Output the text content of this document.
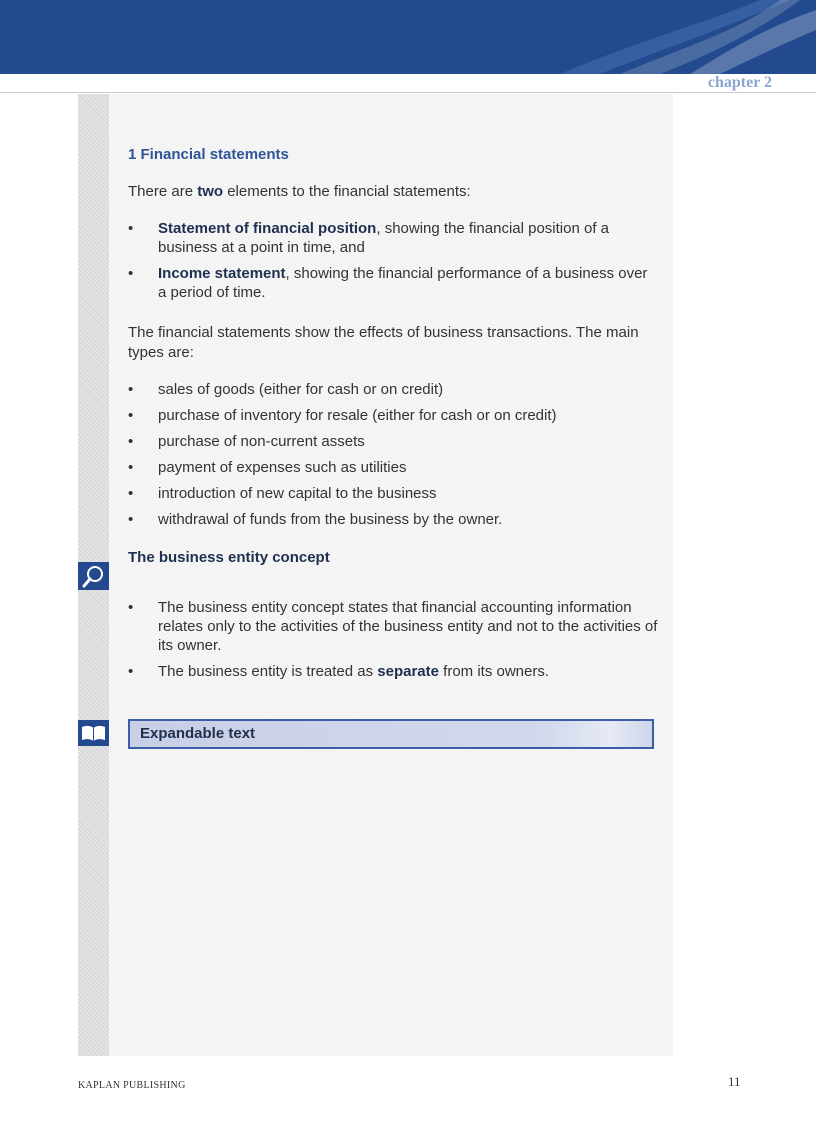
chapter 2
1 Financial statements

There are two elements to the financial statements:

• Statement of financial position, showing the financial position of a business at a point in time, and
• Income statement, showing the financial performance of a business over a period of time.

The financial statements show the effects of business transactions. The main types are:

• sales of goods (either for cash or on credit)
• purchase of inventory for resale (either for cash or on credit)
• purchase of non-current assets
• payment of expenses such as utilities
• introduction of new capital to the business
• withdrawal of funds from the business by the owner.
The business entity concept
• The business entity concept states that financial accounting information relates only to the activities of the business entity and not to the activities of its owner.
• The business entity is treated as separate from its owners.
Expandable text
KAPLAN PUBLISHING	11
